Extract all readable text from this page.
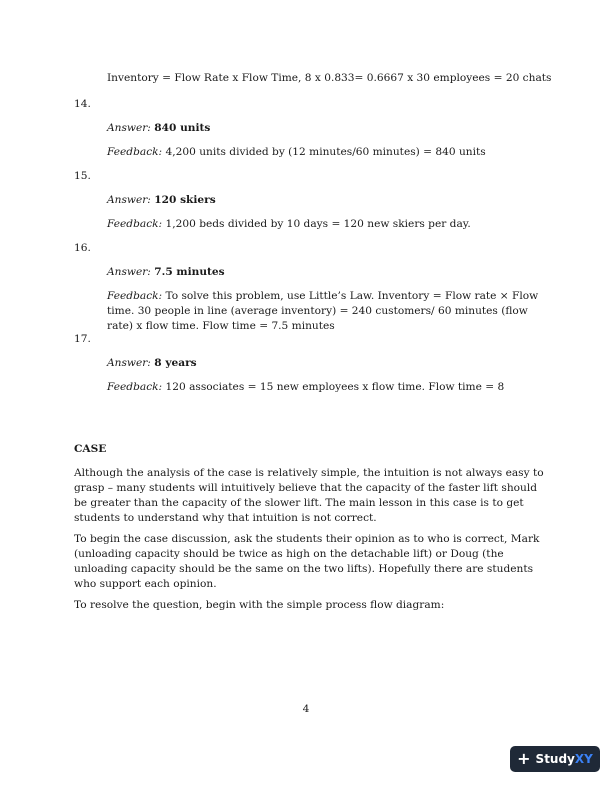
Inventory = Flow Rate x Flow Time, 8 x 0.833= 0.6667 x 30 employees = 20 chats
14.
Answer: 840 units
Feedback: 4,200 units divided by (12 minutes/60 minutes) = 840 units
15.
Answer: 120 skiers
Feedback: 1,200 beds divided by 10 days = 120 new skiers per day.
16.
Answer: 7.5 minutes
Feedback: To solve this problem, use Little’s Law. Inventory = Flow rate × Flow time. 30 people in line (average inventory) = 240 customers/ 60 minutes (flow rate) x flow time. Flow time = 7.5 minutes
17.
Answer: 8 years
Feedback: 120 associates = 15 new employees x flow time. Flow time = 8
CASE
Although the analysis of the case is relatively simple, the intuition is not always easy to grasp – many students will intuitively believe that the capacity of the faster lift should be greater than the capacity of the slower lift. The main lesson in this case is to get students to understand why that intuition is not correct.
To begin the case discussion, ask the students their opinion as to who is correct, Mark (unloading capacity should be twice as high on the detachable lift) or Doug (the unloading capacity should be the same on the two lifts). Hopefully there are students who support each opinion.
To resolve the question, begin with the simple process flow diagram:
4
+ StudyXY
